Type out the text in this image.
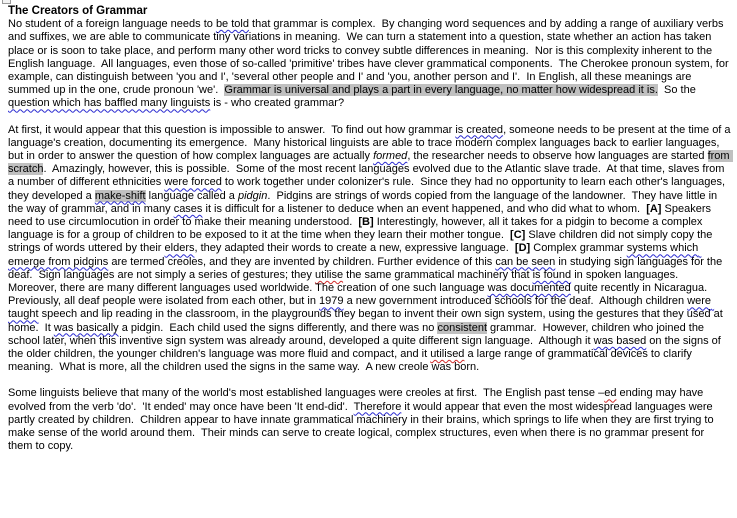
The Creators of Grammar

No student of a foreign language needs to be told that grammar is complex.  By changing word sequences and by adding a range of auxiliary verbs and suffixes, we are able to communicate tiny variations in meaning.  We can turn a statement into a question, state whether an action has taken place or is soon to take place, and perform many other word tricks to convey subtle differences in meaning.  Nor is this complexity inherent to the English language.  All languages, even those of so-called 'primitive' tribes have clever grammatical components.  The Cherokee pronoun system, for example, can distinguish between 'you and I', 'several other people and I' and 'you, another person and I'.  In English, all these meanings are summed up in the one, crude pronoun 'we'.  Grammar is universal and plays a part in every language, no matter how widespread it is.  So the question which has baffled many linguists is - who created grammar?

At first, it would appear that this question is impossible to answer.  To find out how grammar is created, someone needs to be present at the time of a language's creation, documenting its emergence.  Many historical linguists are able to trace modern complex languages back to earlier languages, but in order to answer the question of how complex languages are actually formed, the researcher needs to observe how languages are started from scratch.  Amazingly, however, this is possible.  Some of the most recent languages evolved due to the Atlantic slave trade.  At that time, slaves from a number of different ethnicities were forced to work together under colonizer's rule.  Since they had no opportunity to learn each other's languages, they developed a make-shift language called a pidgin.  Pidgins are strings of words copied from the language of the landowner.  They have little in the way of grammar, and in many cases it is difficult for a listener to deduce when an event happened, and who did what to whom.  [A] Speakers need to use circumlocution in order to make their meaning understood.  [B] Interestingly, however, all it takes for a pidgin to become a complex language is for a group of children to be exposed to it at the time when they learn their mother tongue.  [C] Slave children did not simply copy the strings of words uttered by their elders, they adapted their words to create a new, expressive language.  [D] Complex grammar systems which emerge from pidgins are termed creoles, and they are invented by children. Further evidence of this can be seen in studying sign languages for the deaf.  Sign languages are not simply a series of gestures; they utilise the same grammatical machinery that is found in spoken languages.  Moreover, there are many different languages used worldwide. The creation of one such language was documented quite recently in Nicaragua. Previously, all deaf people were isolated from each other, but in 1979 a new government introduced schools for the deaf.  Although children were taught speech and lip reading in the classroom, in the playgrounds they began to invent their own sign system, using the gestures that they used at home.  It was basically a pidgin.  Each child used the signs differently, and there was no consistent grammar.  However, children who joined the school later, when this inventive sign system was already around, developed a quite different sign language.  Although it was based on the signs of the older children, the younger children's language was more fluid and compact, and it utilised a large range of grammatical devices to clarify meaning.  What is more, all the children used the signs in the same way.  A new creole was born.

Some linguists believe that many of the world's most established languages were creoles at first.  The English past tense –ed ending may have evolved from the verb 'do'.  'It ended' may once have been 'It end-did'.  Therefore it would appear that even the most widespread languages were partly created by children.  Children appear to have innate grammatical machinery in their brains, which springs to life when they are first trying to make sense of the world around them.  Their minds can serve to create logical, complex structures, even when there is no grammar present for them to copy.
